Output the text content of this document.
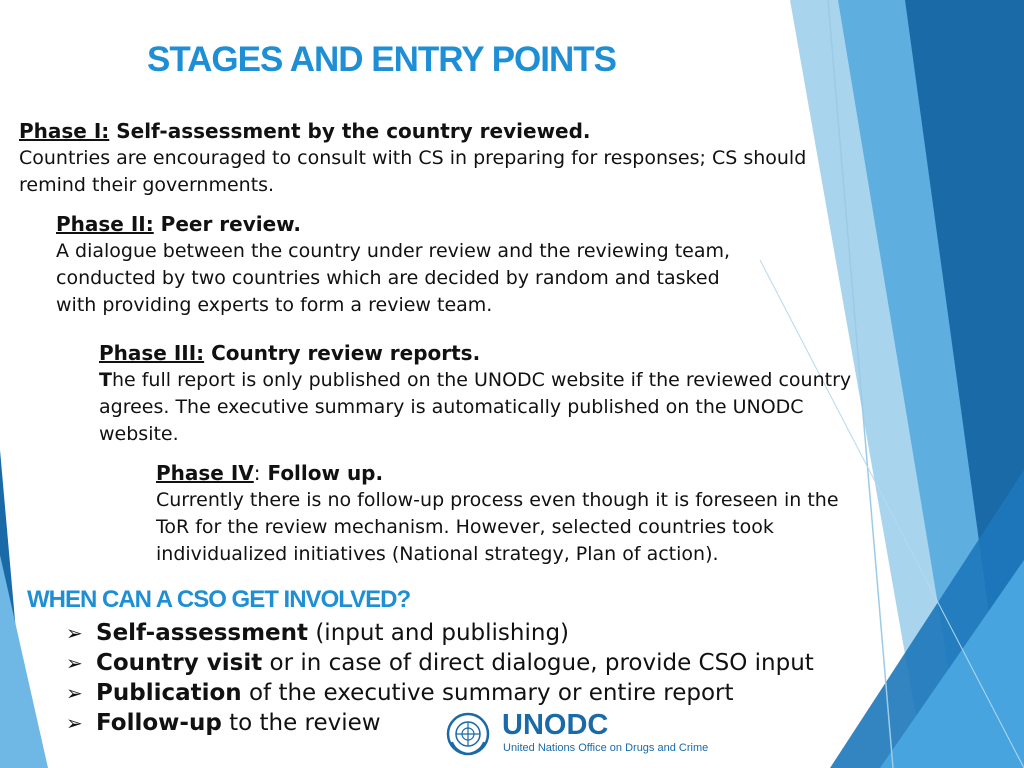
STAGES AND ENTRY POINTS
Phase I: Self-assessment by the country reviewed.
Countries are encouraged to consult with CS in preparing for responses; CS should remind their governments.
Phase II: Peer review.
A dialogue between the country under review and the reviewing team, conducted by two countries which are decided by random and tasked with providing experts to form a review team.
Phase III: Country review reports.
The full report is only published on the UNODC website if the reviewed country agrees. The executive summary is automatically published on the UNODC website.
Phase IV: Follow up.
Currently there is no follow-up process even though it is foreseen in the ToR for the review mechanism. However, selected countries took individualized initiatives (National strategy, Plan of action).
WHEN CAN A CSO GET INVOLVED?
➢ Self-assessment (input and publishing)
➢ Country visit or in case of direct dialogue, provide CSO input
➢ Publication of the executive summary or entire report
➢ Follow-up to the review	UNODC
United Nations Office on Drugs and Crime
